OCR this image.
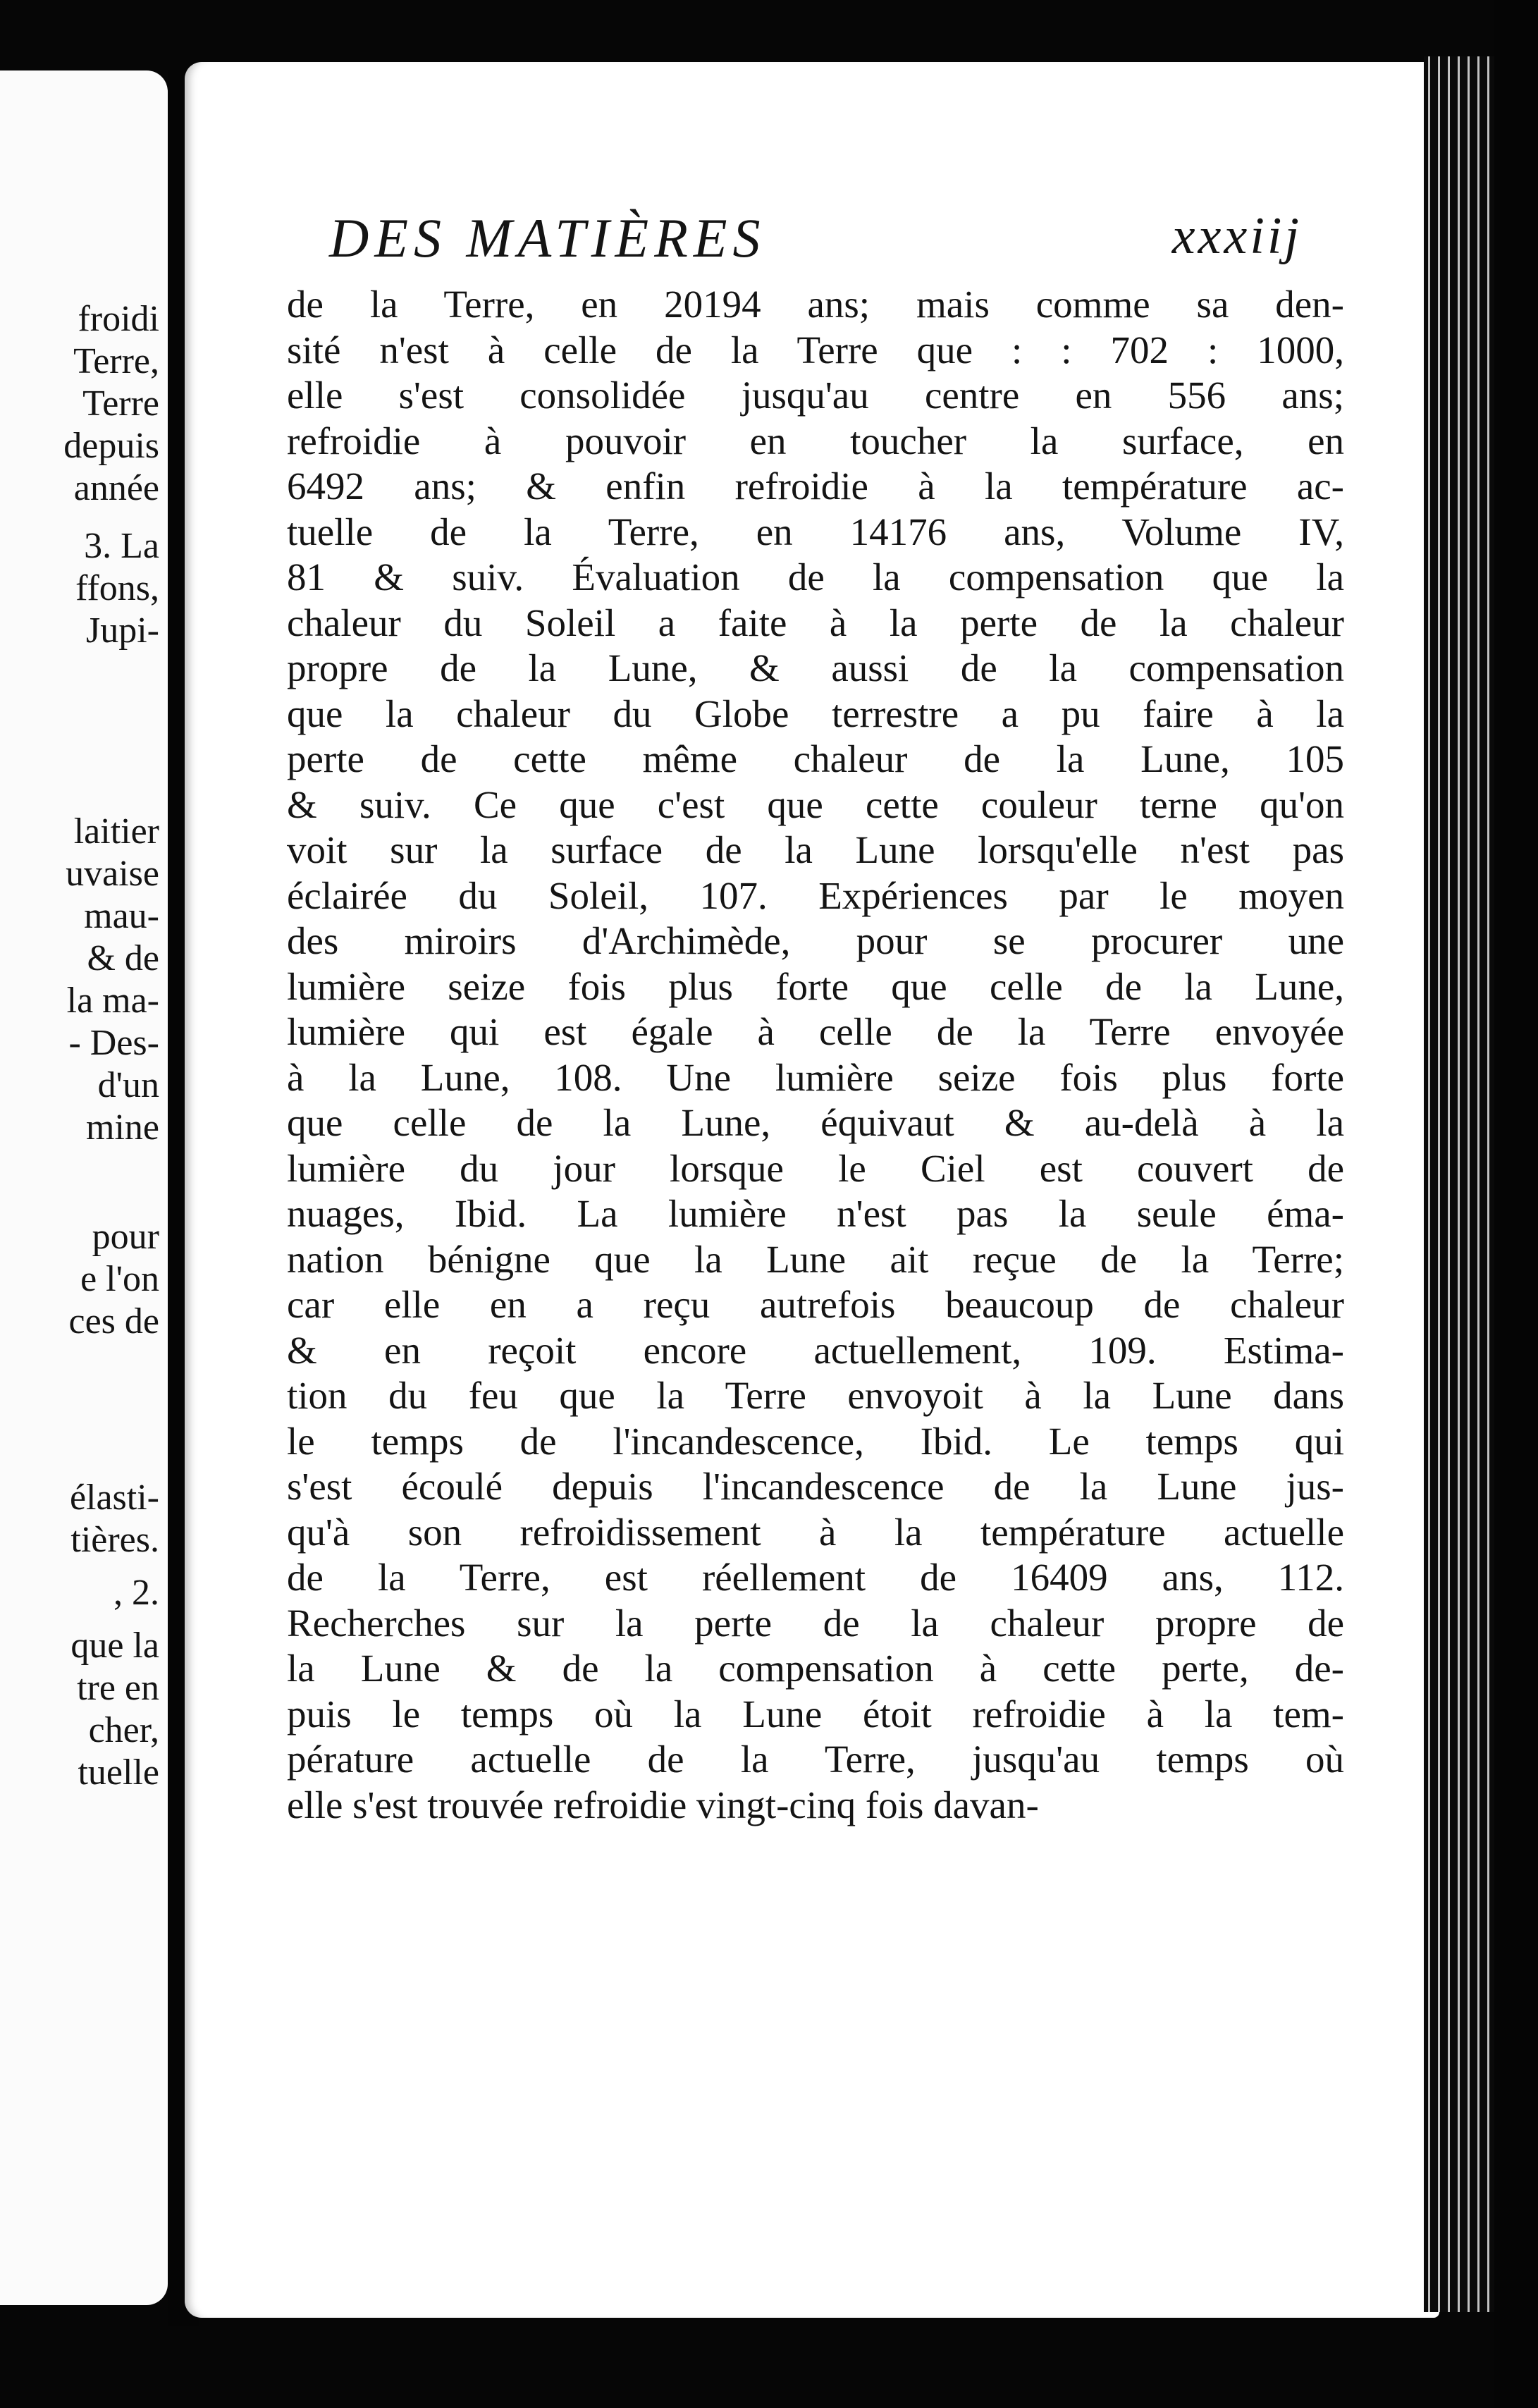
froidi
Terre,
Terre
depuis
année
3. La
ffons,
Jupi-
laitier
uvaise
mau-
& de
la ma-
- Des-
d'un
mine
pour
e l'on
ces de
élasti-
tières.
, 2.
que la
tre en
cher,
tuelle
DES MATIÈRES	xxxiij
de la Terre, en 20194 ans; mais comme sa den-
sité n'est à celle de la Terre que : : 702 : 1000,
elle s'est consolidée jusqu'au centre en 556 ans;
refroidie à pouvoir en toucher la surface, en
6492 ans; & enfin refroidie à la température ac-
tuelle de la Terre, en 14176 ans, Volume IV,
81 & suiv. Évaluation de la compensation que la
chaleur du Soleil a faite à la perte de la chaleur
propre de la Lune, & aussi de la compensation
que la chaleur du Globe terrestre a pu faire à la
perte de cette même chaleur de la Lune, 105
& suiv. Ce que c'est que cette couleur terne qu'on
voit sur la surface de la Lune lorsqu'elle n'est pas
éclairée du Soleil, 107. Expériences par le moyen
des miroirs d'Archimède, pour se procurer une
lumière seize fois plus forte que celle de la Lune,
lumière qui est égale à celle de la Terre envoyée
à la Lune, 108. Une lumière seize fois plus forte
que celle de la Lune, équivaut & au-delà à la
lumière du jour lorsque le Ciel est couvert de
nuages, Ibid. La lumière n'est pas la seule éma-
nation bénigne que la Lune ait reçue de la Terre;
car elle en a reçu autrefois beaucoup de chaleur
& en reçoit encore actuellement, 109. Estima-
tion du feu que la Terre envoyoit à la Lune dans
le temps de l'incandescence, Ibid. Le temps qui
s'est écoulé depuis l'incandescence de la Lune jus-
qu'à son refroidissement à la température actuelle
de la Terre, est réellement de 16409 ans, 112.
Recherches sur la perte de la chaleur propre de
la Lune & de la compensation à cette perte, de-
puis le temps où la Lune étoit refroidie à la tem-
pérature actuelle de la Terre, jusqu'au temps où
elle s'est trouvée refroidie vingt-cinq fois davan-
